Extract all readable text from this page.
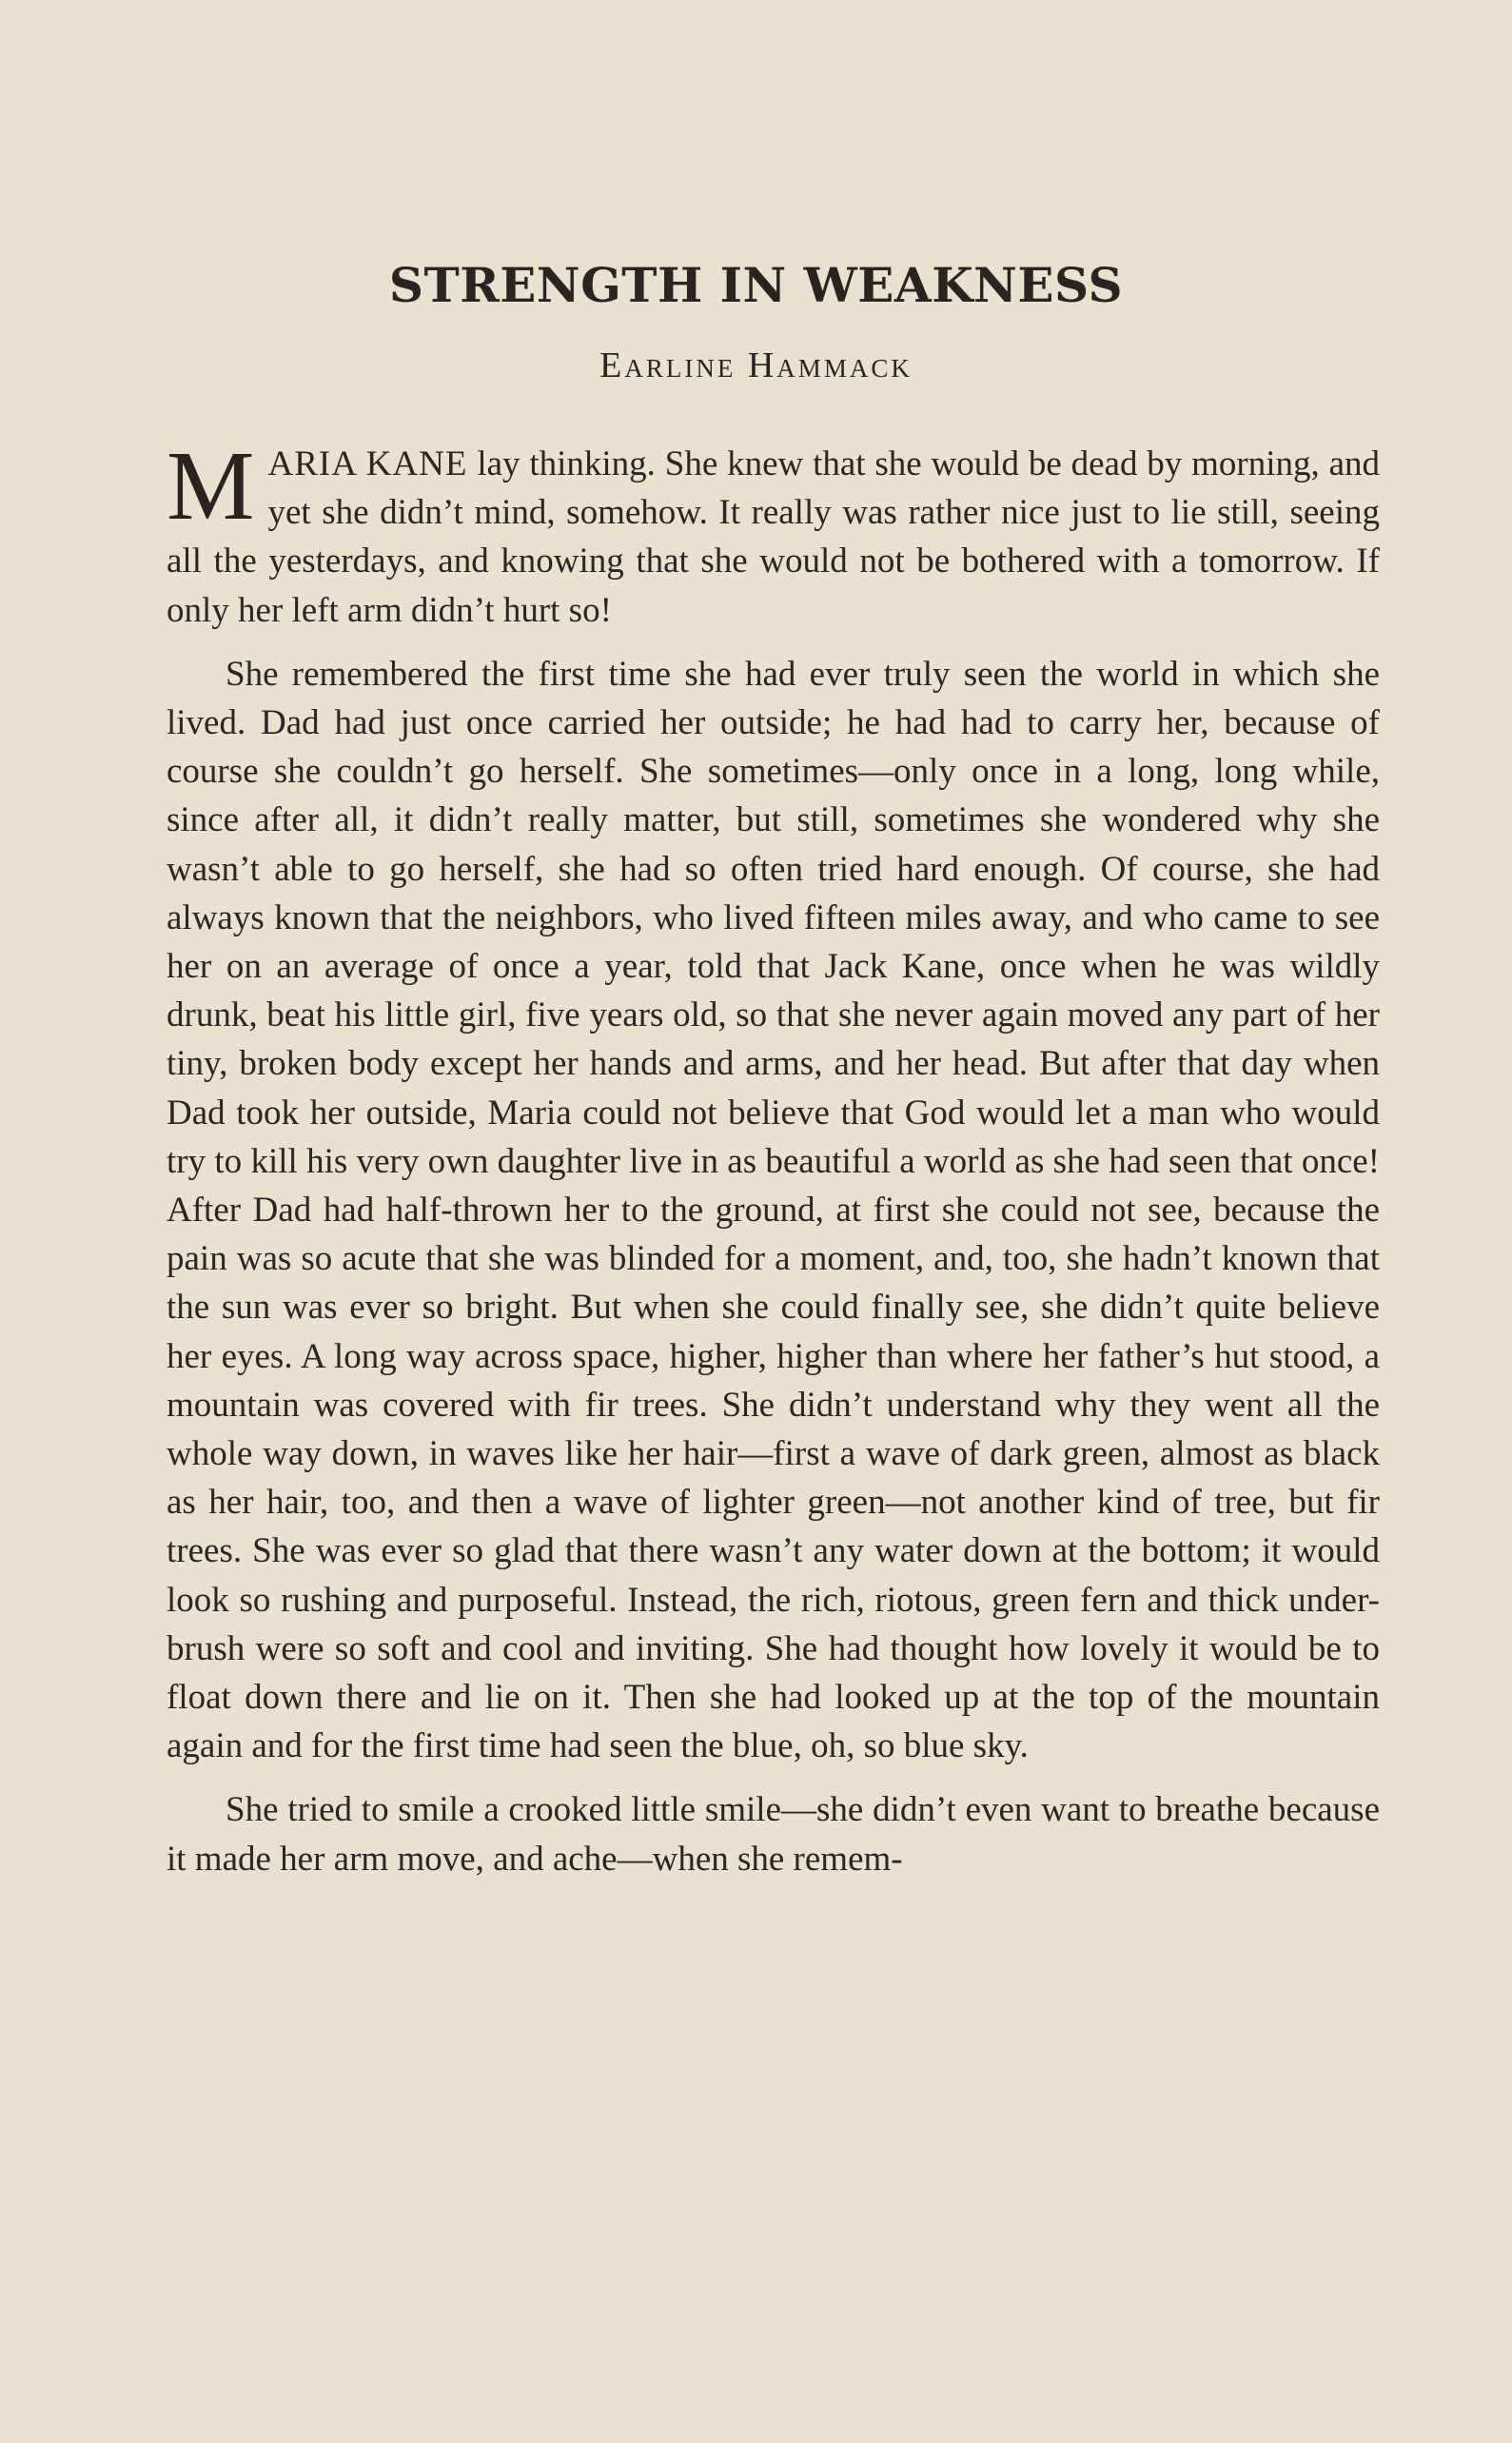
STRENGTH IN WEAKNESS
Earline Hammack

MARIA KANE lay thinking. She knew that she would be dead by morning, and yet she didn’t mind, somehow. It really was rather nice just to lie still, seeing all the yesterdays, and knowing that she would not be bothered with a tomorrow. If only her left arm didn’t hurt so!

She remembered the first time she had ever truly seen the world in which she lived. Dad had just once carried her outside; he had had to carry her, because of course she couldn’t go herself. She sometimes—only once in a long, long while, since after all, it didn’t really matter, but still, sometimes she wondered why she wasn’t able to go herself, she had so often tried hard enough. Of course, she had always known that the neighbors, who lived fifteen miles away, and who came to see her on an average of once a year, told that Jack Kane, once when he was wildly drunk, beat his little girl, five years old, so that she never again moved any part of her tiny, broken body except her hands and arms, and her head. But after that day when Dad took her outside, Maria could not believe that God would let a man who would try to kill his very own daughter live in as beautiful a world as she had seen that once! After Dad had half-thrown her to the ground, at first she could not see, because the pain was so acute that she was blinded for a moment, and, too, she hadn’t known that the sun was ever so bright. But when she could finally see, she didn’t quite believe her eyes. A long way across space, higher, higher than where her father’s hut stood, a mountain was covered with fir trees. She didn’t understand why they went all the whole way down, in waves like her hair—first a wave of dark green, almost as black as her hair, too, and then a wave of lighter green—not another kind of tree, but fir trees. She was ever so glad that there wasn’t any water down at the bottom; it would look so rushing and purposeful. Instead, the rich, riotous, green fern and thick under-brush were so soft and cool and inviting. She had thought how lovely it would be to float down there and lie on it. Then she had looked up at the top of the mountain again and for the first time had seen the blue, oh, so blue sky.

She tried to smile a crooked little smile—she didn’t even want to breathe because it made her arm move, and ache—when she remem-
